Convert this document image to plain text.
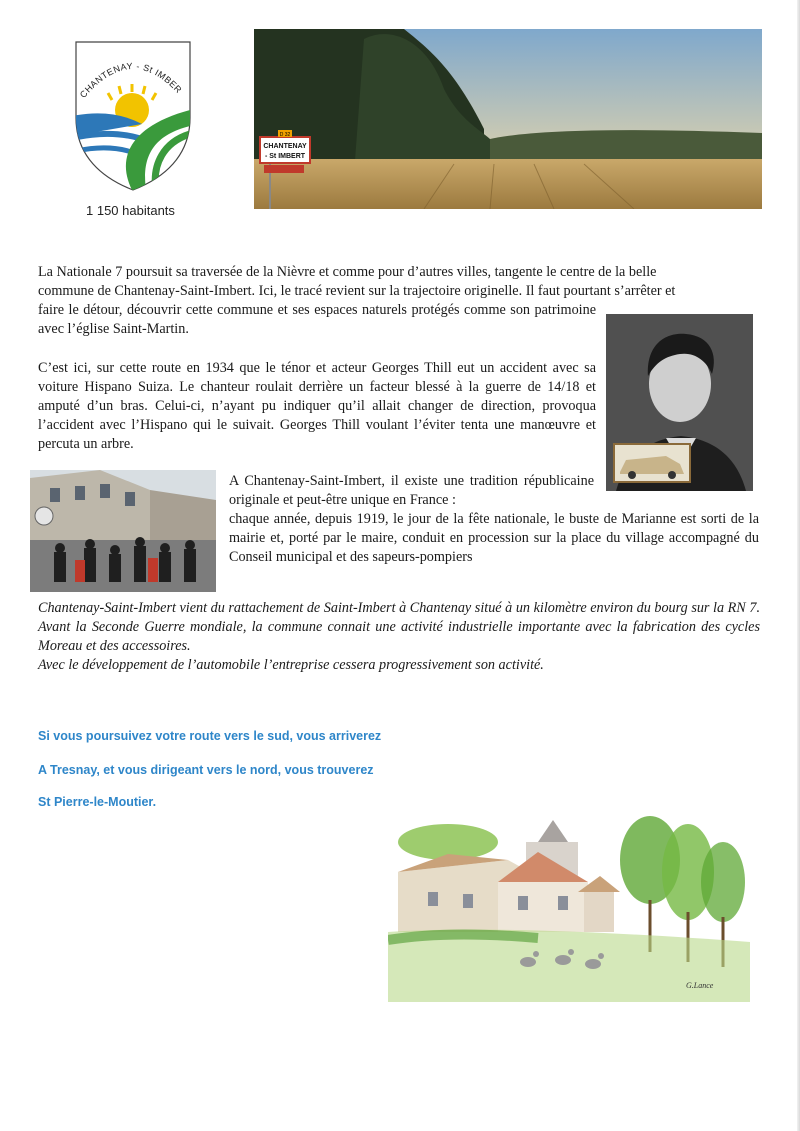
CHANTENAY - St IMBER
1 150 habitants
D 32
CHANTENAY
- St IMBERT

La Nationale 7 poursuit sa traversée de la Nièvre et comme pour d’autres villes, tangente le centre de la belle
commune de Chantenay-Saint-Imbert. Ici, le tracé revient sur la trajectoire originelle. Il faut pourtant s’arrêter et
faire le détour, découvrir cette commune et ses espaces naturels protégés comme son patrimoine avec l’église Saint-Martin.

C’est ici, sur cette route en 1934 que le ténor et acteur Georges Thill eut un accident avec sa voiture Hispano Suiza. Le chanteur roulait derrière un facteur blessé à la guerre de 14/18 et amputé d’un bras. Celui-ci, n’ayant pu indiquer qu’il allait changer de direction, provoqua l’accident avec l’Hispano qui le suivait. Georges Thill voulant l’éviter tenta une manœuvre et percuta un arbre.

A Chantenay-Saint-Imbert, il existe une tradition républicaine originale et peut-être unique en France :
chaque année, depuis 1919, le jour de la fête nationale, le buste de Marianne est sorti de la mairie et, porté par le maire, conduit en procession sur la place du village accompagné du Conseil municipal et des sapeurs-pompiers

Chantenay-Saint-Imbert vient du rattachement de Saint-Imbert à Chantenay situé à un kilomètre environ du bourg sur la RN 7. Avant la Seconde Guerre mondiale, la commune connait une activité industrielle importante avec la fabrication des cycles Moreau et des accessoires.
Avec le développement de l’automobile l’entreprise cessera progressivement son activité.
Si vous poursuivez votre route vers le sud, vous arriverez
A Tresnay, et vous dirigeant vers le nord, vous trouverez
St Pierre-le-Moutier.
G.Lance
